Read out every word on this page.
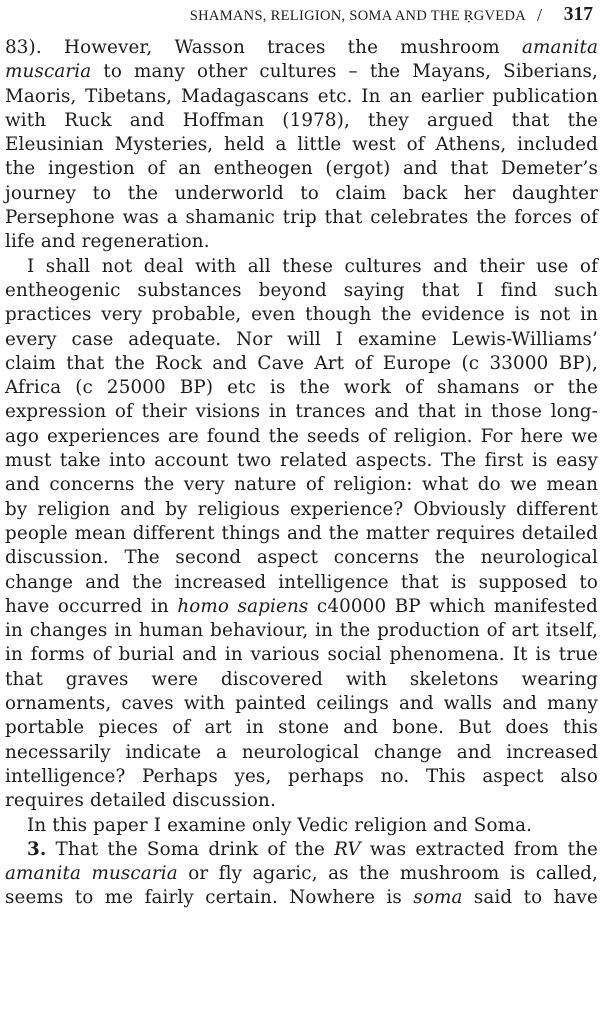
SHAMANS, RELIGION, SOMA AND THE ṚGVEDA / 317
83). However, Wasson traces the mushroom amanita
muscaria to many other cultures – the Mayans, Siberians,
Maoris, Tibetans, Madagascans etc. In an earlier publication
with Ruck and Hoffman (1978), they argued that the
Eleusinian Mysteries, held a little west of Athens, included
the ingestion of an entheogen (ergot) and that Demeter’s
journey to the underworld to claim back her daughter
Persephone was a shamanic trip that celebrates the forces of
life and regeneration.
I shall not deal with all these cultures and their use of
entheogenic substances beyond saying that I find such
practices very probable, even though the evidence is not in
every case adequate. Nor will I examine Lewis-Williams’
claim that the Rock and Cave Art of Europe (c 33000 BP),
Africa (c 25000 BP) etc is the work of shamans or the
expression of their visions in trances and that in those long-
ago experiences are found the seeds of religion. For here we
must take into account two related aspects. The first is easy
and concerns the very nature of religion: what do we mean
by religion and by religious experience? Obviously different
people mean different things and the matter requires detailed
discussion. The second aspect concerns the neurological
change and the increased intelligence that is supposed to
have occurred in homo sapiens c40000 BP which manifested
in changes in human behaviour, in the production of art itself,
in forms of burial and in various social phenomena. It is true
that graves were discovered with skeletons wearing
ornaments, caves with painted ceilings and walls and many
portable pieces of art in stone and bone. But does this
necessarily indicate a neurological change and increased
intelligence? Perhaps yes, perhaps no. This aspect also
requires detailed discussion.
In this paper I examine only Vedic religion and Soma.
3. That the Soma drink of the RV was extracted from the
amanita muscaria or fly agaric, as the mushroom is called,
seems to me fairly certain. Nowhere is soma said to have
